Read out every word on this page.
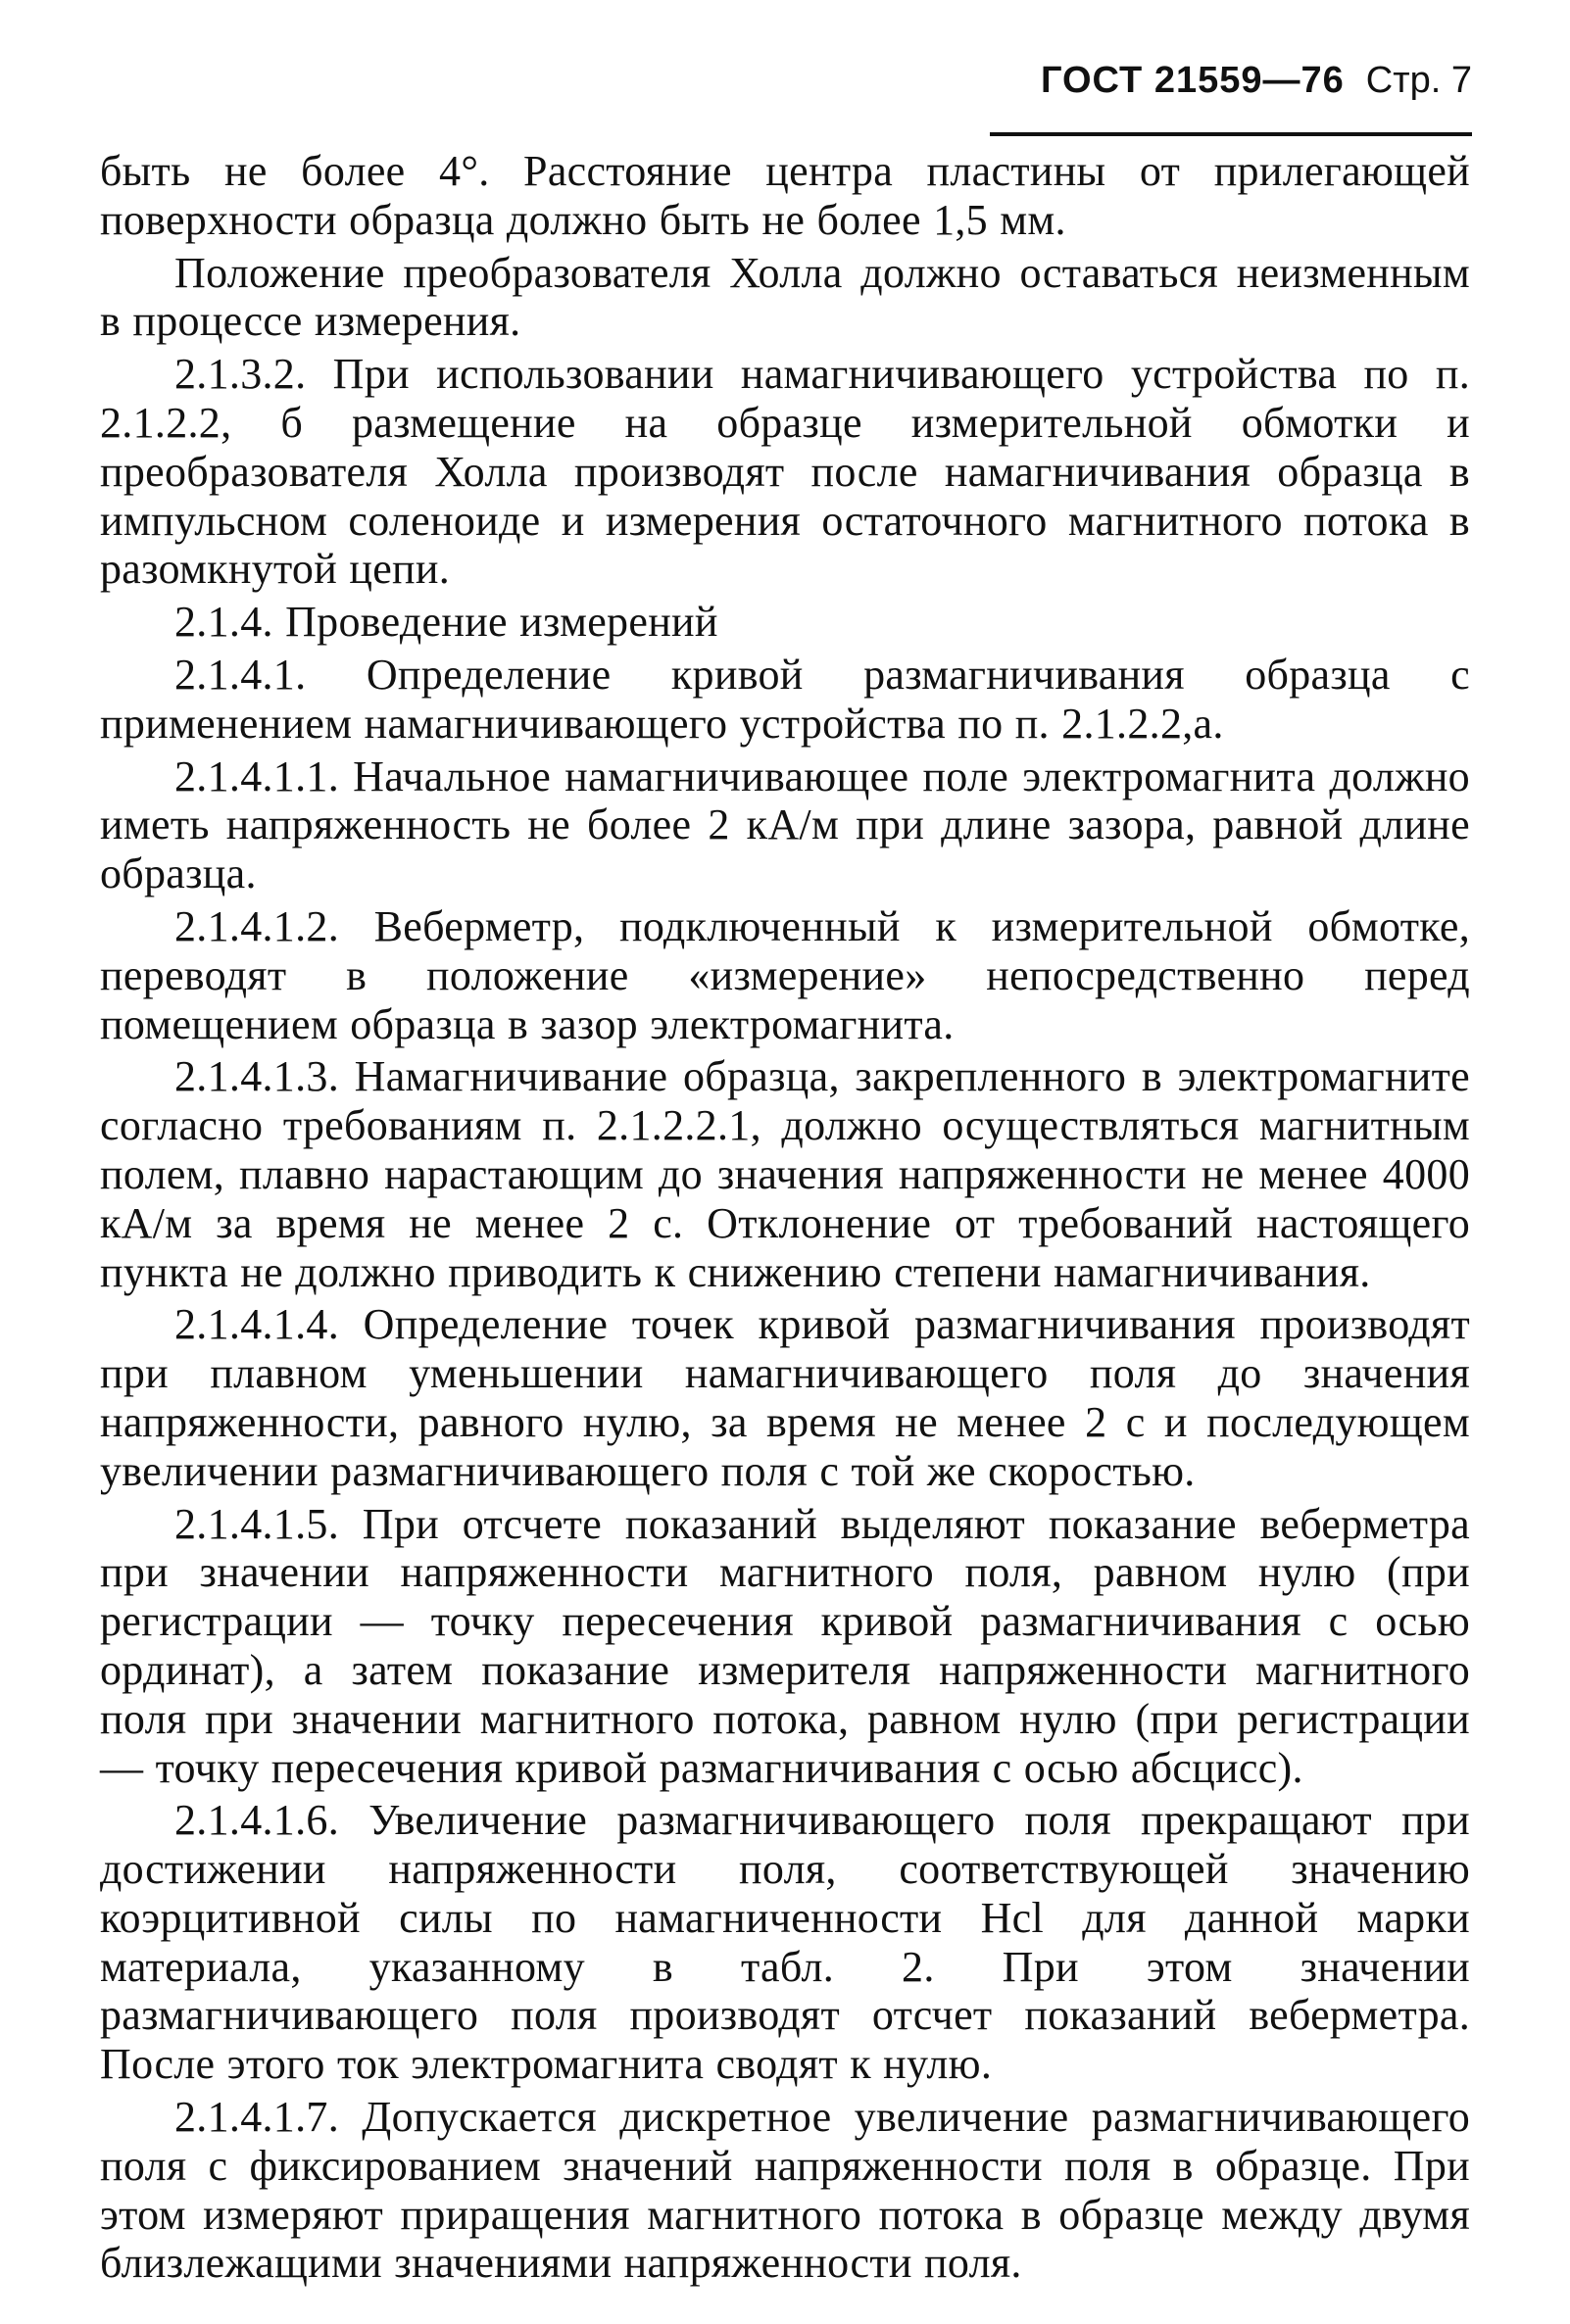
ГОСТ 21559—76 Стр. 7

быть не более 4°. Расстояние центра пластины от прилегающей поверхности образца должно быть не более 1,5 мм.

Положение преобразователя Холла должно оставаться неизменным в процессе измерения.

2.1.3.2. При использовании намагничивающего устройства по п. 2.1.2.2, б размещение на образце измерительной обмотки и преобразователя Холла производят после намагничивания образца в импульсном соленоиде и измерения остаточного магнитного потока в разомкнутой цепи.

2.1.4. Проведение измерений

2.1.4.1. Определение кривой размагничивания образца с применением намагничивающего устройства по п. 2.1.2.2,а.

2.1.4.1.1. Начальное намагничивающее поле электромагнита должно иметь напряженность не более 2 кА/м при длине зазора, равной длине образца.

2.1.4.1.2. Веберметр, подключенный к измерительной обмотке, переводят в положение «измерение» непосредственно перед помещением образца в зазор электромагнита.

2.1.4.1.3. Намагничивание образца, закрепленного в электромагните согласно требованиям п. 2.1.2.2.1, должно осуществляться магнитным полем, плавно нарастающим до значения напряженности не менее 4000 кА/м за время не менее 2 с. Отклонение от требований настоящего пункта не должно приводить к снижению степени намагничивания.

2.1.4.1.4. Определение точек кривой размагничивания производят при плавном уменьшении намагничивающего поля до значения напряженности, равного нулю, за время не менее 2 с и последующем увеличении размагничивающего поля с той же скоростью.

2.1.4.1.5. При отсчете показаний выделяют показание веберметра при значении напряженности магнитного поля, равном нулю (при регистрации — точку пересечения кривой размагничивания с осью ординат), а затем показание измерителя напряженности магнитного поля при значении магнитного потока, равном нулю (при регистрации — точку пересечения кривой размагничивания с осью абсцисс).

2.1.4.1.6. Увеличение размагничивающего поля прекращают при достижении напряженности поля, соответствующей значению коэрцитивной силы по намагниченности Hcl для данной марки материала, указанному в табл. 2. При этом значении размагничивающего поля производят отсчет показаний веберметра. После этого ток электромагнита сводят к нулю.

2.1.4.1.7. Допускается дискретное увеличение размагничивающего поля с фиксированием значений напряженности поля в образце. При этом измеряют приращения магнитного потока в образце между двумя близлежащими значениями напряженности поля.
